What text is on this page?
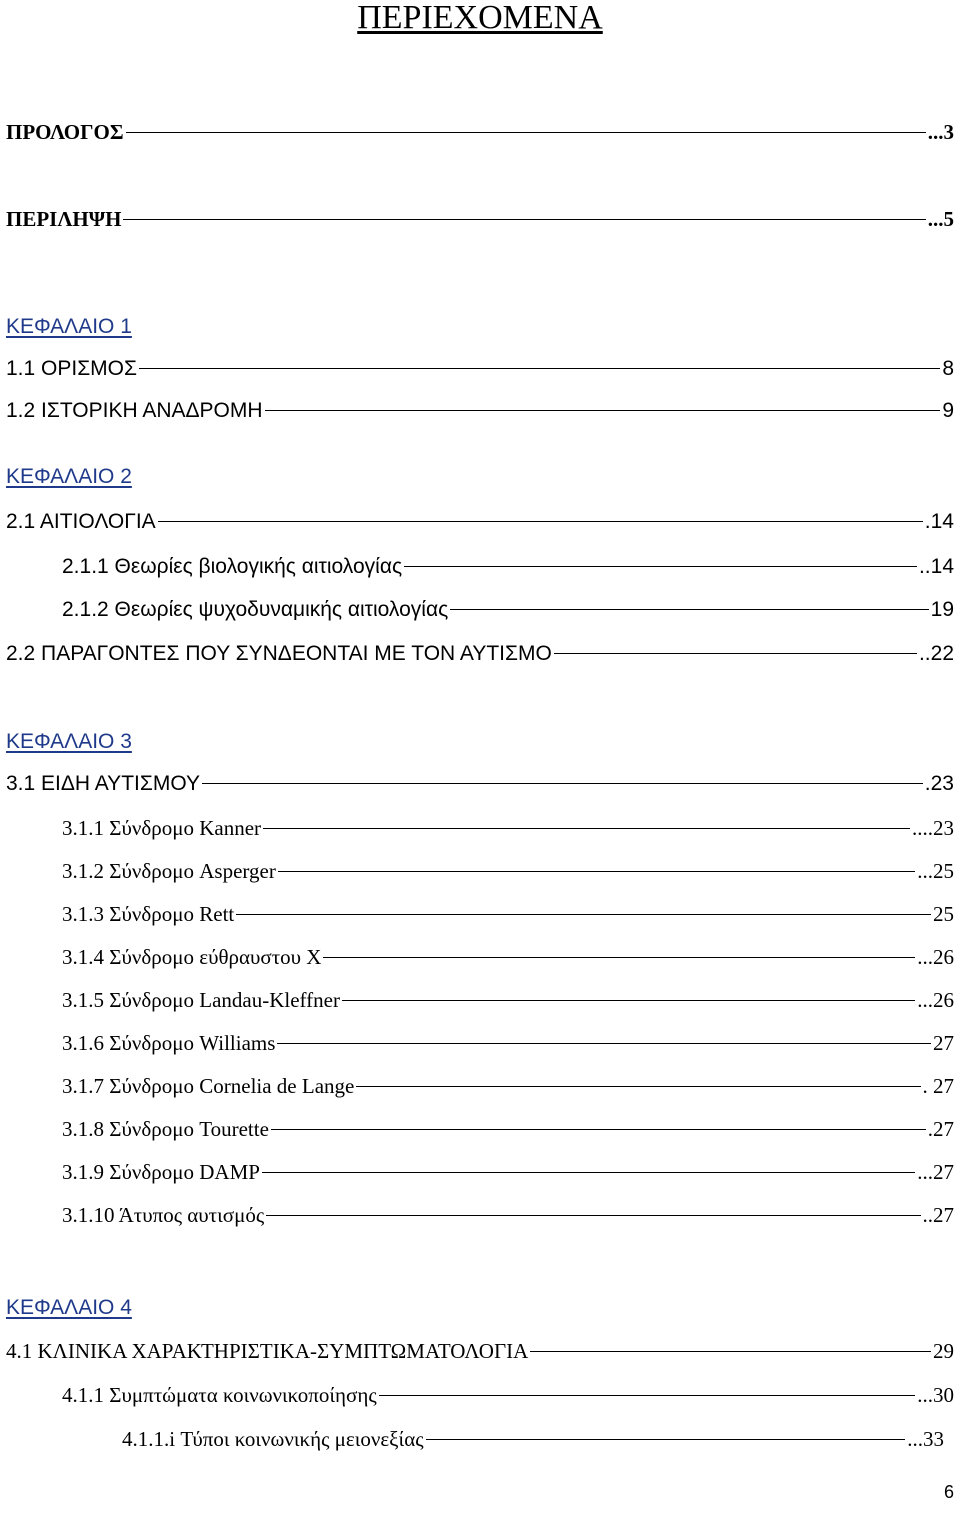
ΠΕΡΙΕΧΟΜΕΝΑ
ΠΡΟΛΟΓΟΣ	...3
ΠΕΡΙΛΗΨΗ	...5
ΚΕΦΑΛΑΙΟ 1
1.1 ΟΡΙΣΜΟΣ	8
1.2 ΙΣΤΟΡΙΚΗ ΑΝΑΔΡΟΜΗ	9
ΚΕΦΑΛΑΙΟ 2
2.1 ΑΙΤΙΟΛΟΓΙΑ	.14
2.1.1 Θεωρίες βιολογικής αιτιολογίας	..14
2.1.2 Θεωρίες ψυχοδυναμικής αιτιολογίας	19
2.2 ΠΑΡΑΓΟΝΤΕΣ ΠΟΥ ΣΥΝΔΕΟΝΤΑΙ ΜΕ ΤΟΝ ΑΥΤΙΣΜΟ	..22
ΚΕΦΑΛΑΙΟ 3
3.1 ΕΙΔΗ ΑΥΤΙΣΜΟΥ	.23
3.1.1 Σύνδρομο Kanner	....23
3.1.2 Σύνδρομο Asperger	...25
3.1.3 Σύνδρομο Rett	25
3.1.4 Σύνδρομο εύθραυστου Χ	...26
3.1.5 Σύνδρομο Landau-Kleffner	...26
3.1.6 Σύνδρομο Williams	27
3.1.7 Σύνδρομο Cornelia de Lange	. 27
3.1.8 Σύνδρομο Tourette	.27
3.1.9 Σύνδρομο DAMP	...27
3.1.10 Άτυπος αυτισμός	..27
ΚΕΦΑΛΑΙΟ 4
4.1 ΚΛΙΝΙΚΑ ΧΑΡΑΚΤΗΡΙΣΤΙΚΑ-ΣΥΜΠΤΩΜΑΤΟΛΟΓΙΑ	29
4.1.1 Συμπτώματα κοινωνικοποίησης	...30
4.1.1.i Τύποι κοινωνικής μειονεξίας	...33
6
